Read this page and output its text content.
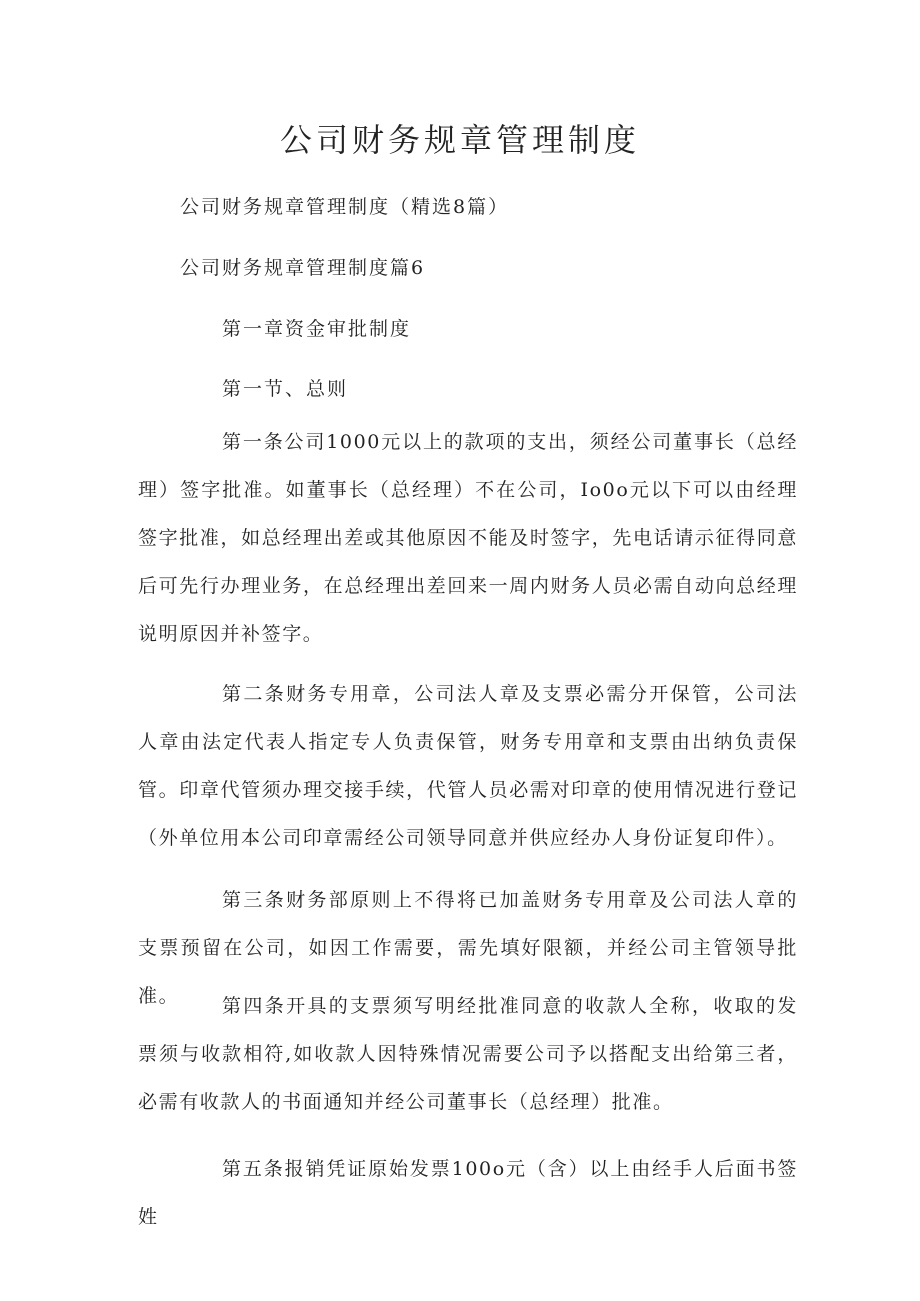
公司财务规章管理制度

公司财务规章管理制度（精选8篇）

公司财务规章管理制度篇6

第一章资金审批制度

第一节、总则

第一条公司1000元以上的款项的支出，须经公司董事长（总经理）签字批准。如董事长（总经理）不在公司，Io0o元以下可以由经理签字批准，如总经理出差或其他原因不能及时签字，先电话请示征得同意后可先行办理业务，在总经理出差回来一周内财务人员必需自动向总经理说明原因并补签字。

第二条财务专用章，公司法人章及支票必需分开保管，公司法人章由法定代表人指定专人负责保管，财务专用章和支票由出纳负责保管。印章代管须办理交接手续，代管人员必需对印章的使用情况进行登记（外单位用本公司印章需经公司领导同意并供应经办人身份证复印件）。

第三条财务部原则上不得将已加盖财务专用章及公司法人章的支票预留在公司，如因工作需要，需先填好限额，并经公司主管领导批准。	第四条开具的支票须写明经批准同意的收款人全称，收取的发票须与收款相符,如收款人因特殊情况需要公司予以搭配支出给第三者，必需有收款人的书面通知并经公司董事长（总经理）批准。

第五条报销凭证原始发票100o元（含）以上由经手人后面书签姓
